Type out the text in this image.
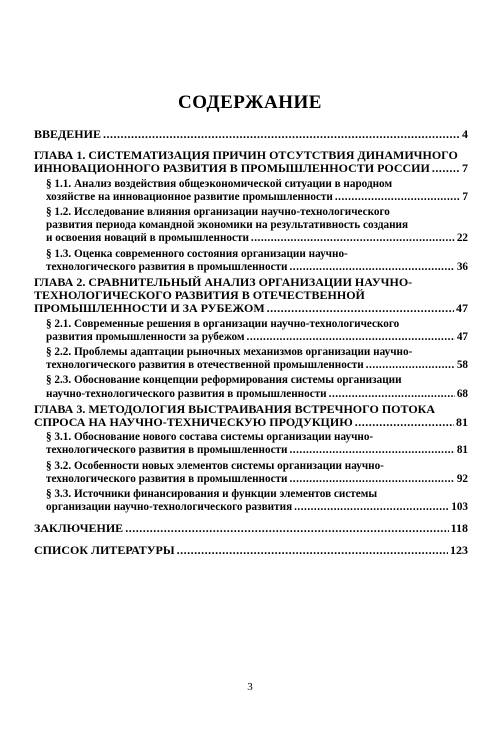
СОДЕРЖАНИЕ
ВВЕДЕНИЕ .....	4
ГЛАВА 1. СИСТЕМАТИЗАЦИЯ ПРИЧИН ОТСУТСТВИЯ ДИНАМИЧНОГО
ИННОВАЦИОННОГО РАЗВИТИЯ В ПРОМЫШЛЕННОСТИ РОССИИ .....	7
§ 1.1. Анализ воздействия общеэкономической ситуации в народном
хозяйстве на инновационное развитие промышленности .....	7
§ 1.2. Исследование влияния организации научно-технологического
развития периода командной экономики на результативность создания
и освоения новаций в промышленности .....	22
§ 1.3. Оценка современного состояния организации научно-
технологического развития в промышленности .....	36
ГЛАВА 2. СРАВНИТЕЛЬНЫЙ АНАЛИЗ ОРГАНИЗАЦИИ НАУЧНО-
ТЕХНОЛОГИЧЕСКОГО РАЗВИТИЯ В ОТЕЧЕСТВЕННОЙ
ПРОМЫШЛЕННОСТИ И ЗА РУБЕЖОМ .....	47
§ 2.1. Современные решения в организации научно-технологического
развития промышленности за рубежом .....	47
§ 2.2. Проблемы адаптации рыночных механизмов организации научно-
технологического развития в отечественной промышленности .....	58
§ 2.3. Обоснование концепции реформирования системы организации
научно-технологического развития в промышленности .....	68
ГЛАВА 3. МЕТОДОЛОГИЯ ВЫСТРАИВАНИЯ ВСТРЕЧНОГО ПОТОКА
СПРОСА НА НАУЧНО-ТЕХНИЧЕСКУЮ ПРОДУКЦИЮ .....	81
§ 3.1. Обоснование нового состава системы организации научно-
технологического развития в промышленности .....	81
§ 3.2. Особенности новых элементов системы организации научно-
технологического развития в промышленности .....	92
§ 3.3. Источники финансирования и функции элементов системы
организации научно-технологического развития .....	103
ЗАКЛЮЧЕНИЕ .....	118
СПИСОК ЛИТЕРАТУРЫ .....	123
3
